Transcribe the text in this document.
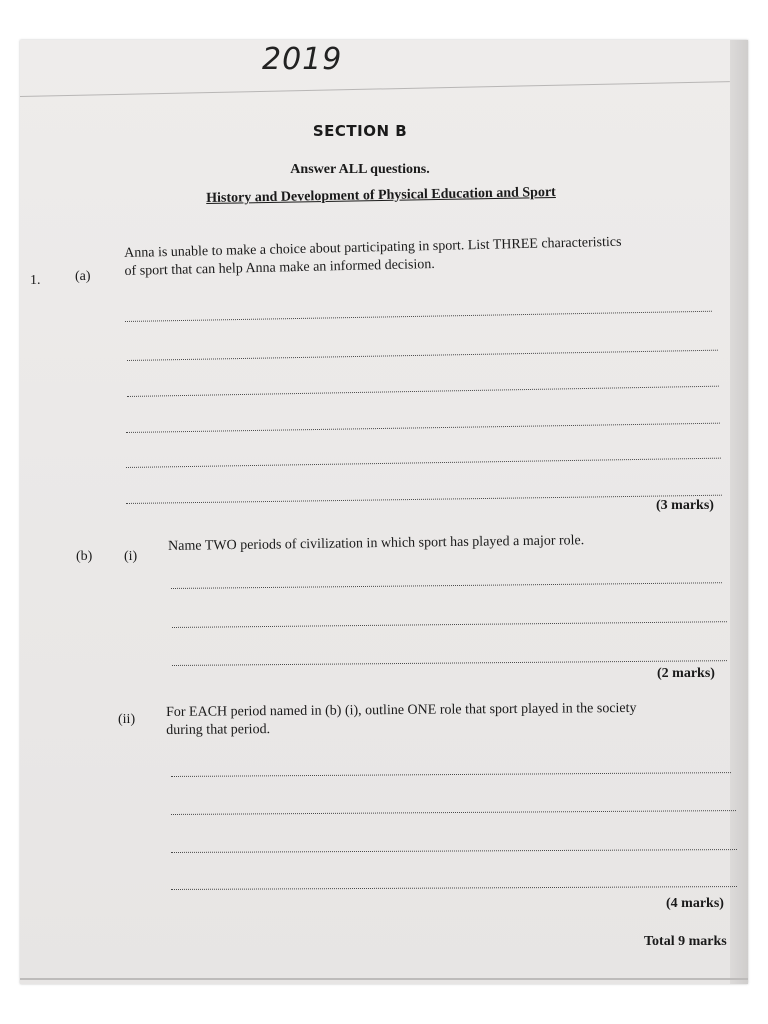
2019
SECTION B
Answer ALL questions.
History and Development of Physical Education and Sport
1. (a)
Anna is unable to make a choice about participating in sport. List THREE characteristics
of sport that can help Anna make an informed decision.
(3 marks)
(b) (i)
Name TWO periods of civilization in which sport has played a major role.
(2 marks)
(ii) For EACH period named in (b) (i), outline ONE role that sport played in the society
during that period.
(4 marks)
Total 9 marks
